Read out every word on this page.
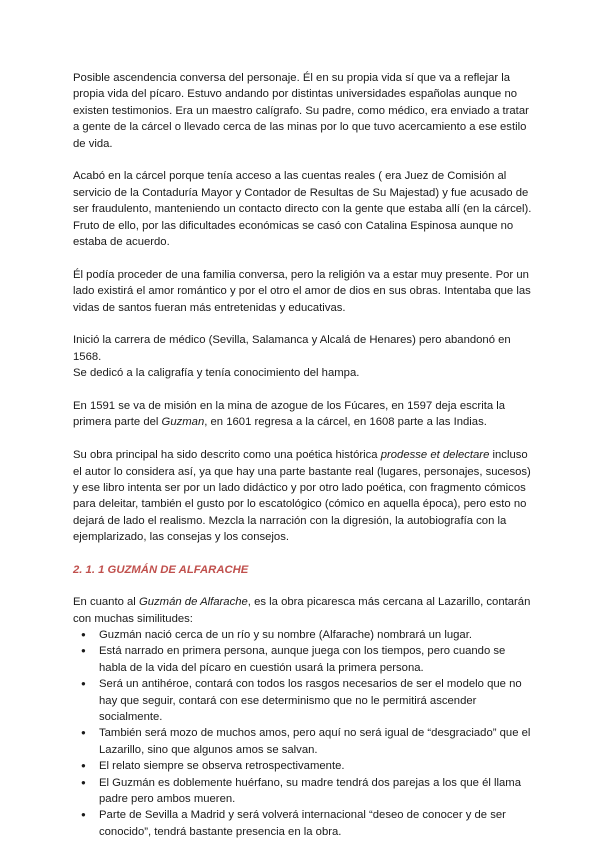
Posible ascendencia conversa del personaje. Él en su propia vida sí que va a reflejar la propia vida del pícaro. Estuvo andando por distintas universidades españolas aunque no existen testimonios. Era un maestro calígrafo. Su padre, como médico, era enviado a tratar a gente de la cárcel o llevado cerca de las minas por lo que tuvo acercamiento a ese estilo de vida.

Acabó en la cárcel porque tenía acceso a las cuentas reales ( era Juez de Comisión al servicio de la Contaduría Mayor y Contador de Resultas de Su Majestad) y fue acusado de ser fraudulento, manteniendo un contacto directo con la gente que estaba allí (en la cárcel). Fruto de ello, por las dificultades económicas se casó con Catalina Espinosa aunque no estaba de acuerdo.

Él podía proceder de una familia conversa, pero la religión va a estar muy presente. Por un lado existirá el amor romántico y por el otro el amor de dios en sus obras. Intentaba que las vidas de santos fueran más entretenidas y educativas.

Inició la carrera de médico (Sevilla, Salamanca y Alcalá de Henares) pero abandonó en 1568.
Se dedicó a la caligrafía y tenía conocimiento del hampa.

En 1591 se va de misión en la mina de azogue de los Fúcares, en 1597 deja escrita la primera parte del Guzman, en 1601 regresa a la cárcel, en 1608 parte a las Indias.

Su obra principal ha sido descrito como una poética histórica prodesse et delectare incluso el autor lo considera así, ya que hay una parte bastante real (lugares, personajes, sucesos) y ese libro intenta ser por un lado didáctico y por otro lado poética, con fragmento cómicos para deleitar, también el gusto por lo escatológico (cómico en aquella época), pero esto no dejará de lado el realismo. Mezcla la narración con la digresión, la autobiografía con la ejemplarizado, las consejas y los consejos.

2. 1. 1 GUZMÁN DE ALFARACHE

En cuanto al Guzmán de Alfarache, es la obra picaresca más cercana al Lazarillo, contarán con muchas similitudes:

● Guzmán nació cerca de un río y su nombre (Alfarache) nombrará un lugar.
● Está narrado en primera persona, aunque juega con los tiempos, pero cuando se habla de la vida del pícaro en cuestión usará la primera persona.
● Será un antihéroe, contará con todos los rasgos necesarios de ser el modelo que no hay que seguir, contará con ese determinismo que no le permitirá ascender socialmente.
● También será mozo de muchos amos, pero aquí no será igual de “desgraciado” que el Lazarillo, sino que algunos amos se salvan.
● El relato siempre se observa retrospectivamente.
● El Guzmán es doblemente huérfano, su madre tendrá dos parejas a los que él llama padre pero ambos mueren.
● Parte de Sevilla a Madrid y será volverá internacional “deseo de conocer y de ser conocido”, tendrá bastante presencia en la obra.
